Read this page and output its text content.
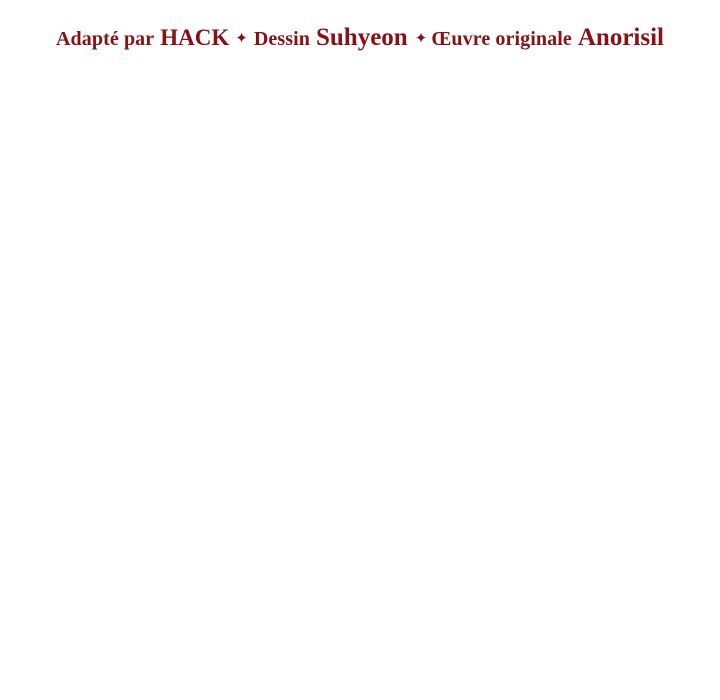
Adapté par HACK ✦ Dessin Suhyeon ✦ Œuvre originale Anorisil
